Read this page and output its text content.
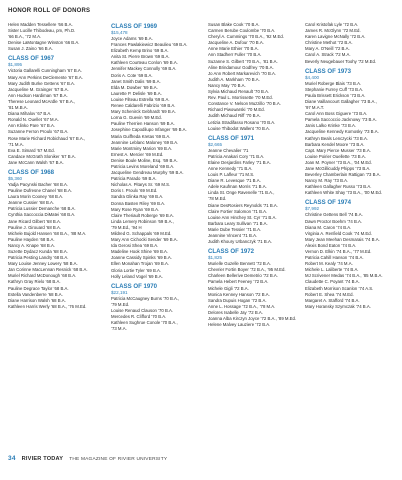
HONOR ROLL OF DONORS
Helen Madden Tessellere ’66 B.A.
Sister Lucille Thibodeau, pm, Ph.D.
’66 B.A., ’72 M.A.
Denise LaMontagne Winston ’66 B.A.
Susan J. Zaino ’66 B.A.
CLASS OF 1967
$1,895
Victoria Gallarelli Cunningham ’67 B.A.
Mary Ann Perkins DeClemente ’67 B.A.
Mary Judith Burke Gettens ’67 B.A.
Jacqueline M. Grainger ’67 B.A.
Ann Hudson Hardiman ’67 B.A.
Therese Leonard McArdle ’67 B.A.,
’81 M.B.A.
Diana Mihalov ’67 B.A.
Ronald N. Ouellet ’67 M.A.
Ann Klinko Pare ’67 B.A.
Suzanne Ferron Proulx ’67 B.A.
Rose Marie Richard Robichaud ’67 B.A.,
’71 M.A.
Eva E. Simard ’67 M.Ed.
Candace McGrath Sloniker ’67 B.A.
Jane McCann Walsh ’67 B.A.
CLASS OF 1968
$5,360
Yadja Pacynski Bacher ’68 B.A.
Pauline Dufresne Chanel ’68 B.A.
Laura Morin Cooney ’68 B.A.
Jeanne Cussier ’68 B.A.
Patricia Lussier Demanche ’68 B.A.
Cynthia Saccoccia DiMatei ’68 B.A.
Jane Ricard Gilbert ’68 B.A.
Pauline J. Girouard ’68 B.A.
Michele Bujold Hansen ’68 B.A., ’88 M.A.
Pauline Hayden ’68 B.A.
Nancy A. Knape ’68 B.A.
Suzette Dydacz Kunda ’68 B.A.
Patricia Pesting Landry ’68 B.A.
Mary Louise Jenney Lowery ’68 B.A.
Jan Corinne MacLennan Resnick ’68 B.A.
Muriel Richard McDonough ’68 B.A.
Kathryn Gray Rielo ’68 B.A.
Pauline Degrace Taylor ’68 B.A.
Estella Vandenberre ’68 B.A.
Diane Harrison Walsh ’68 B.A.
Kathleen Harris Werly ’68 B.A., ’76 M.Ed.
CLASS OF 1969
$15,478
Joyce Adams ’69 B.A.
Frances Pawlakiewicz Beaulieu ’69 B.A.
Elizabeth Kemp Brino ’69 B.A.
Anita St. Pierre Brown ’69 B.A.
Kathleen Courteau Conlon ’69 B.A.
Jennifer Mackey Connolly ’69 B.A.
Doris A. Cote ’69 B.A.
Janet Smith Dalis ’69 B.A.
Elda M. Dowber ’69 B.A.
Laurette P. Delisle ’69 B.A.
Louise Filteau Estrella ’69 B.A.
Renee Caldarelli Fabrizio ’69 B.A.
Mary Schenirck Gebhardt ’69 B.A.
Lorna G. Guevin ’69 M.Ed.
Pauline Therrien Hanson ’69 B.A.
Josephine Capodilupo Infanger ’69 B.A.
Maria Guiffreda Kretas ’69 B.A.
Jeannine Leblanc Maloney ’69 B.A.
Marie Montminy Marion ’69 B.A.
Ernest A. Mercier ’69 M.Ed.
Denise Boule Moline, Esq. ’69 B.A.
Patricia Levins Moreland ’69 B.A.
Jacqueline Gendreau Murphy ’69 B.A.
Patricia Parado ’69 B.A.
Nicholas A. Pitarys Sr. ’69 M.S.
Doris I. Proulx ’69 M.Ed.
Sandra Glinka Ray ’69 B.A.
Donna Basten Riley ’69 B.A.
Mary Rose Ryan ’69 B.A.
Claire Theriault Roberge ’69 B.A.
Linda Lemery Robinson ’69 B.A.,
’79 M.Ed., ’94 H
Mildred G. Schappals ’69 M.Ed.
Mary Ann Cichocki Sender ’69 B.A.
Ida Gerosi Shea ’69 B.A.
Madeline Hook Shine ’69 B.A.
Joanne Cassidy Spinks ’69 B.A.
Ellen Monahan Trojan ’69 B.A.
Gloria Lortie Tyler ’69 B.A.
Holly Leland Vogel ’69 B.A.
CLASS OF 1970
$22,191
Patricia McCaugney Burns ’70 B.A.,
’79 M.Ed.
Louise Renaud Clauson ’70 B.A.
Mercedes R. Clifford ’70 B.A.
Kathleen Sughrue Conole ’70 B.A.,
’73 M.A.
Susan Blake Cook ’70 B.A.
Carmen Berube Coulombe ’70 B.A.
Cheryl A. Cummings ’70 B.A., ’92 M.Ed.
Jacqueline A. Dufour ’70 B.A.
Anne Marie Ethier ’70 B.A.
Ann Stadherr Fuller ’70 B.A.
Suzanne S. Gilbert ’70 B.A., ’81 B.A.
Aline Brindamour Godfrey ’70 B.A.
Jo Ann Robert Markarevich ’70 B.A.
Judith A. Markham ’70 B.A.
Nancy May ’70 B.A.
Sylvia Michaud Renault ’70 B.A.
Rev. Paul L. Morrissette ’70 M.Ed.
Constance V. Nelson Muzzillo ’70 B.A.
Richard Piwowarski ’70 M.Ed.
Judith Michaud Riff ’70 B.A.
Letizia Stradifasso Rosano ’70 B.A.
Louise Thibodot Wallent ’70 B.A.
CLASS OF 1971
$2,665
Jeanne Chevalier ’71
Patricia Anakari Cory ’71 B.A.
Elaine Desjardins Farley ’71 B.A.
Anne Kennedy ’71 B.A.
Louis P. Lafleur ’71 M.S.
Diane R. Levesque ’71 B.A.
Adele Kaufman Morris ’71 B.A.
Linda St. Onge Ravenelle ’71 B.A.,
’78 M.Ed.
Diane DesRosiers Reynolds ’71 B.A.
Claire Fortier Salomon ’71 B.A.
Louise Ann Hinchey St. Cyr ’71 B.A.
Barbara Leary Sullivan ’71 B.A.
Marie Dube Tessier ’71 B.A.
Jeannine Vincent ’71 B.A.
Judith Khoury Urbanczyk ’71 B.A.
CLASS OF 1972
$1,825
Murielle Guzelle Bennett ’72 B.A.
Chevrier Fortin Boyer ’72 B.A., ’95 M.Ed.
Charleen Bellerive Demetrio ’72 B.A.
Pamela Hebert Feeney ’72 B.A.
Michele Gigli ’72 B.A.
Monica Kenney Hanson ’72 B.A.
Sandra Dupuis Hogan ’72 B.A.
Anne L. Hossage ’72 B.A., ’78 M.A.
Delores Isabelle Jay ’72 B.A.
Joanna Alba Kirczyn Joyce ’72 B.A., ’89 M.Ed.
Helene Malvey Lauziere ’72 B.A.
Carol Kristofak Lyle ’72 B.A.
James R. McGlynn ’72 M.Ed.
Karen Lavigne McNally ’72 B.A.
Christine Methot ’72 B.A.
Mary A. O’Neill ’72 B.A.
Carol A. Strack ’72 M.A.
Beverly Neugebauer Toohy ’72 M.Ed.
CLASS OF 1973
$4,400
Muriel Roberge Blais ’73 B.A.
Stephanie Furrey Cuff ’73 B.A.
Paula Brissett Erickson ’73 B.A.
Diane Vaillancourt Gallagher ’73 B.A.,
’97 M.A.T.
Carol Ann Boss Giguere ’73 B.A.
Pamela Saccoccio Jacknowy ’73 B.A.
Janis Lalko Krinke ’73 B.A.
Jacqueline Kennedy Komosky ’73 B.A.
Kathryn Beals Lenczycki ’73 B.A.
Barbara Kendel Moore ’73 B.A.
Capt. Mary Pierce Musser ’73 B.A.
Louise Poirier Ouellette ’73 B.A.
Joan M. Poyner ’73 B.A., ’04 M.Ed.
Jane McGillicuddy Phipps ’73 B.A.
Beverley Chamberlain Rattigan ’73 B.A.
Nancy M. Ray ’73 B.A.
Kathleen Gallagher Russo ’73 B.A.
Kathleen White Shay ’73 B.A., ’00 M.Ed.
CLASS OF 1974
$7,992
Christine Gettens Bell ’74 B.A.
Dawn Proctor Boehm ’74 B.A.
Diana M. Caron ’74 B.A.
Virginia A. Renfield Cook ’74 M.Ed.
Mary Jean Meehan Desmarais ’74 B.A.
Alexis Bond Eaton ’74 B.A.
Vernon D. Elkin ’74 B.A., ’77 M.Ed.
Patricia Cahill Hanson ’74 B.A.
Robert M. Kealy ’74 M.A.
Michele L. Laliberte ’74 B.A.
MJ Scrivener Medas ’74 B.A., ’85 M.B.A.
Claudette C. Poyant ’74 B.A.
Elizabeth Morrison Scanlon ’74 A.S.
Robert E. Shea ’74 M.Ed.
Margaret A. Stafford ’74 B.A.
Mary Horansky Szymczak ’74 B.A.
34 RIVIER TODAY THE MAGAZINE OF RIVIER UNIVERSITY
